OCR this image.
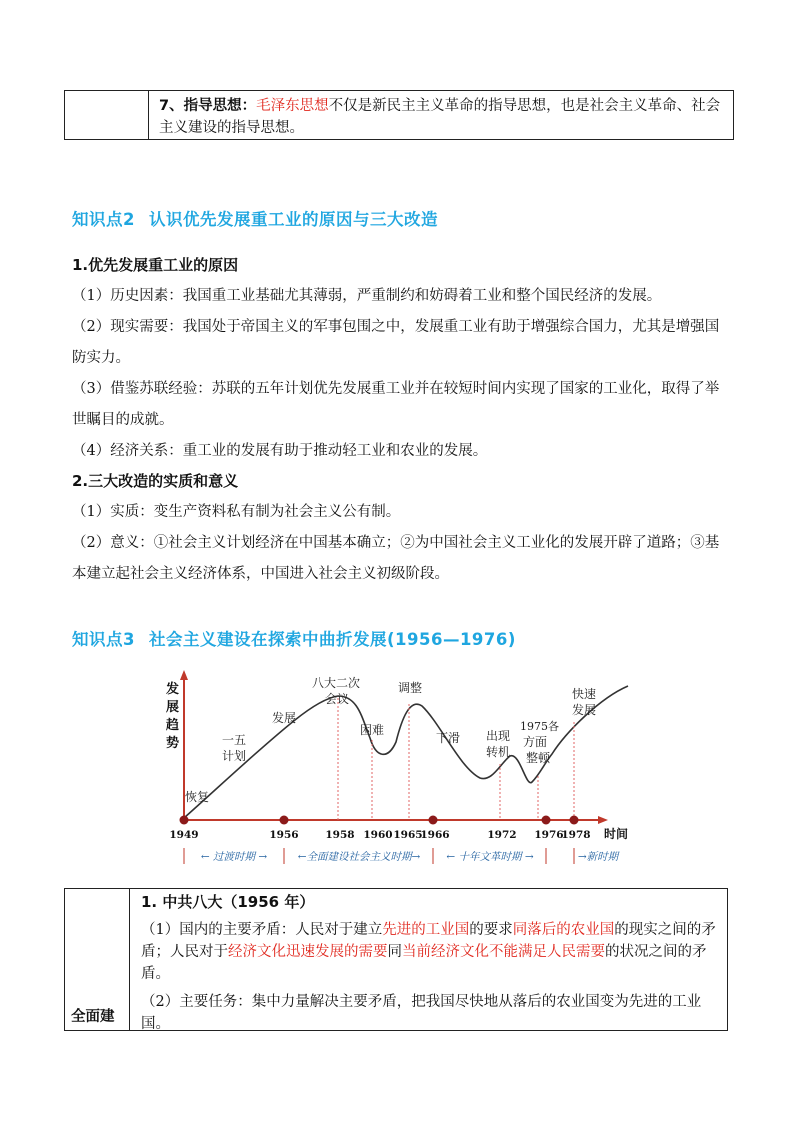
7、指导思想：毛泽东思想不仅是新民主主义革命的指导思想，也是社会主义革命、社会主义建设的指导思想。
知识点2 认识优先发展重工业的原因与三大改造
1.优先发展重工业的原因
（1）历史因素：我国重工业基础尤其薄弱，严重制约和妨碍着工业和整个国民经济的发展。
（2）现实需要：我国处于帝国主义的军事包围之中，发展重工业有助于增强综合国力，尤其是增强国防实力。
（3）借鉴苏联经验：苏联的五年计划优先发展重工业并在较短时间内实现了国家的工业化，取得了举世瞩目的成就。
（4）经济关系：重工业的发展有助于推动轻工业和农业的发展。
2.三大改造的实质和意义
（1）实质：变生产资料私有制为社会主义公有制。
（2）意义：①社会主义计划经济在中国基本确立；②为中国社会主义工业化的发展开辟了道路；③基本建立起社会主义经济体系，中国进入社会主义初级阶段。
知识点3 社会主义建设在探索中曲折发展(1956—1976)
发
展
趋
势
恢复
一五
计划
发展
八大二次
会议
困难
调整
下滑 出现
转机
1975各
方面
整顿
快速
发展
1949	1956	1958 1960 1965
1966	1972 1976
1978 时间
← 过渡时期 →	←全面建设社会主义时期→ ← 十年文革时期 →	→新时期
全面建

1. 中共八大（1956 年）

（1）国内的主要矛盾：人民对于建立先进的工业国的要求同落后的农业国的现实之间的矛盾；人民对于经济文化迅速发展的需要同当前经济文化不能满足人民需要的状况之间的矛盾。

（2）主要任务：集中力量解决主要矛盾，把我国尽快地从落后的农业国变为先进的工业国。
